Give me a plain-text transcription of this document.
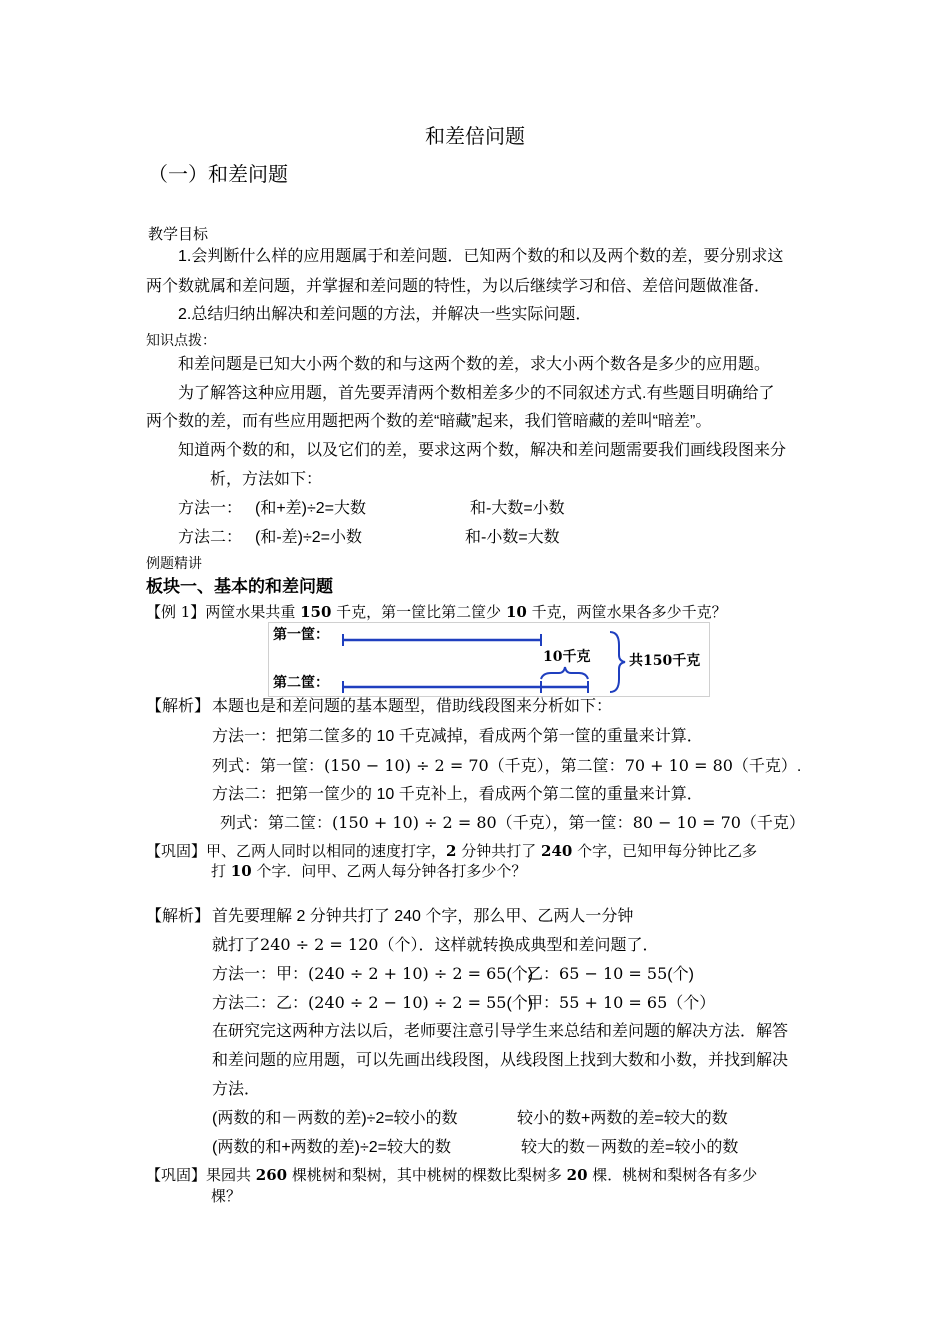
和差倍问题
（一）和差问题
教学目标
1.会判断什么样的应用题属于和差问题．已知两个数的和以及两个数的差，要分别求这
两个数就属和差问题，并掌握和差问题的特性，为以后继续学习和倍、差倍问题做准备．
2.总结归纳出解决和差问题的方法，并解决一些实际问题．
知识点拨：
和差问题是已知大小两个数的和与这两个数的差，求大小两个数各是多少的应用题。
为了解答这种应用题，首先要弄清两个数相差多少的不同叙述方式.有些题目明确给了
两个数的差，而有些应用题把两个数的差“暗藏”起来，我们管暗藏的差叫“暗差”。
知道两个数的和，以及它们的差，要求这两个数，解决和差问题需要我们画线段图来分
析，方法如下：
方法一： (和+差)÷2=大数	和-大数=小数
方法二： (和-差)÷2=小数	和-小数=大数
例题精讲
板块一、基本的和差问题
【例 1】两筐水果共重 150 千克，第一筐比第二筐少 10 千克，两筐水果各多少千克？
第一筐：
第二筐：
10千克	共150千克
【解析】 本题也是和差问题的基本题型，借助线段图来分析如下：
方法一：把第二筐多的 10 千克减掉，看成两个第一筐的重量来计算．
列式：第一筐：(150 − 10) ÷ 2 = 70（千克），第二筐：70 + 10 = 80（千克）.
方法二：把第一筐少的 10 千克补上，看成两个第二筐的重量来计算．
列式：第二筐：(150 + 10) ÷ 2 = 80（千克），第一筐：80 − 10 = 70（千克）
【巩固】甲、乙两人同时以相同的速度打字，2 分钟共打了 240 个字，已知甲每分钟比乙多
打 10 个字．问甲、乙两人每分钟各打多少个？
【解析】 首先要理解 2 分钟共打了 240 个字，那么甲、乙两人一分钟
就打了240 ÷ 2 = 120（个）．这样就转换成典型和差问题了．
方法一：甲：(240 ÷ 2 + 10) ÷ 2 = 65(个)
乙：65 − 10 = 55(个)
方法二：乙：(240 ÷ 2 − 10) ÷ 2 = 55(个)
甲：55 + 10 = 65（个）
在研究完这两种方法以后，老师要注意引导学生来总结和差问题的解决方法．解答
和差问题的应用题，可以先画出线段图，从线段图上找到大数和小数，并找到解决
方法．
(两数的和－两数的差)÷2=较小的数	较小的数+两数的差=较大的数
(两数的和+两数的差)÷2=较大的数	较大的数－两数的差=较小的数
【巩固】果园共 260 棵桃树和梨树，其中桃树的棵数比梨树多 20 棵．桃树和梨树各有多少
棵？
